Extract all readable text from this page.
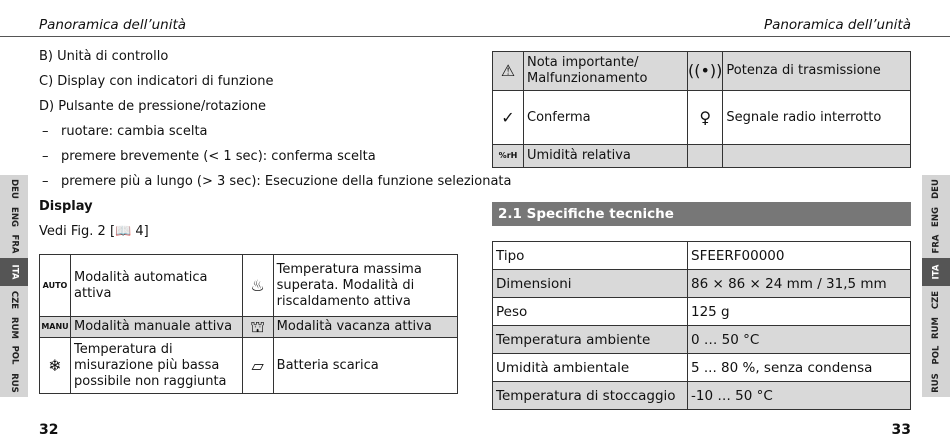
Panoramica dell’unità	Panoramica dell’unità
B) Unità di controllo
C) Display con indicatori di funzione
D) Pulsante de pressione/rotazione
– ruotare: cambia scelta
– premere brevemente (< 1 sec): conferma scelta
– premere più a lungo (> 3 sec): Esecuzione della funzione selezionata
Display
Vedi Fig. 2 [📖 4]
AUTO	Modalità automatica attiva	♨	Temperatura massima superata. Modalità di riscaldamento attiva
MANU	Modalità manuale attiva	⛫	Modalità vacanza attiva
❄	Temperatura di misurazione più bassa possibile non raggiunta	▱	Batteria scarica
⚠	Nota importante/ Malfunzionamento	((•))	Potenza di trasmissione
✓	Conferma	♀	Segnale radio interrotto
%rH	Umidità relativa		
2.1 Specifiche tecniche
Tipo	SFEERF00000
Dimensioni	86 × 86 × 24 mm / 31,5 mm
Peso	125 g
Temperatura ambiente	0 … 50 °C
Umidità ambientale	5 ... 80 %, senza condensa
Temperatura di stoccaggio	-10 … 50 °C
DEU
ENG
FRA
ITA
CZE
RUM
POL
RUS
DEU
ENG
FRA
ITA
CZE
RUM
POL
RUS
32	33
